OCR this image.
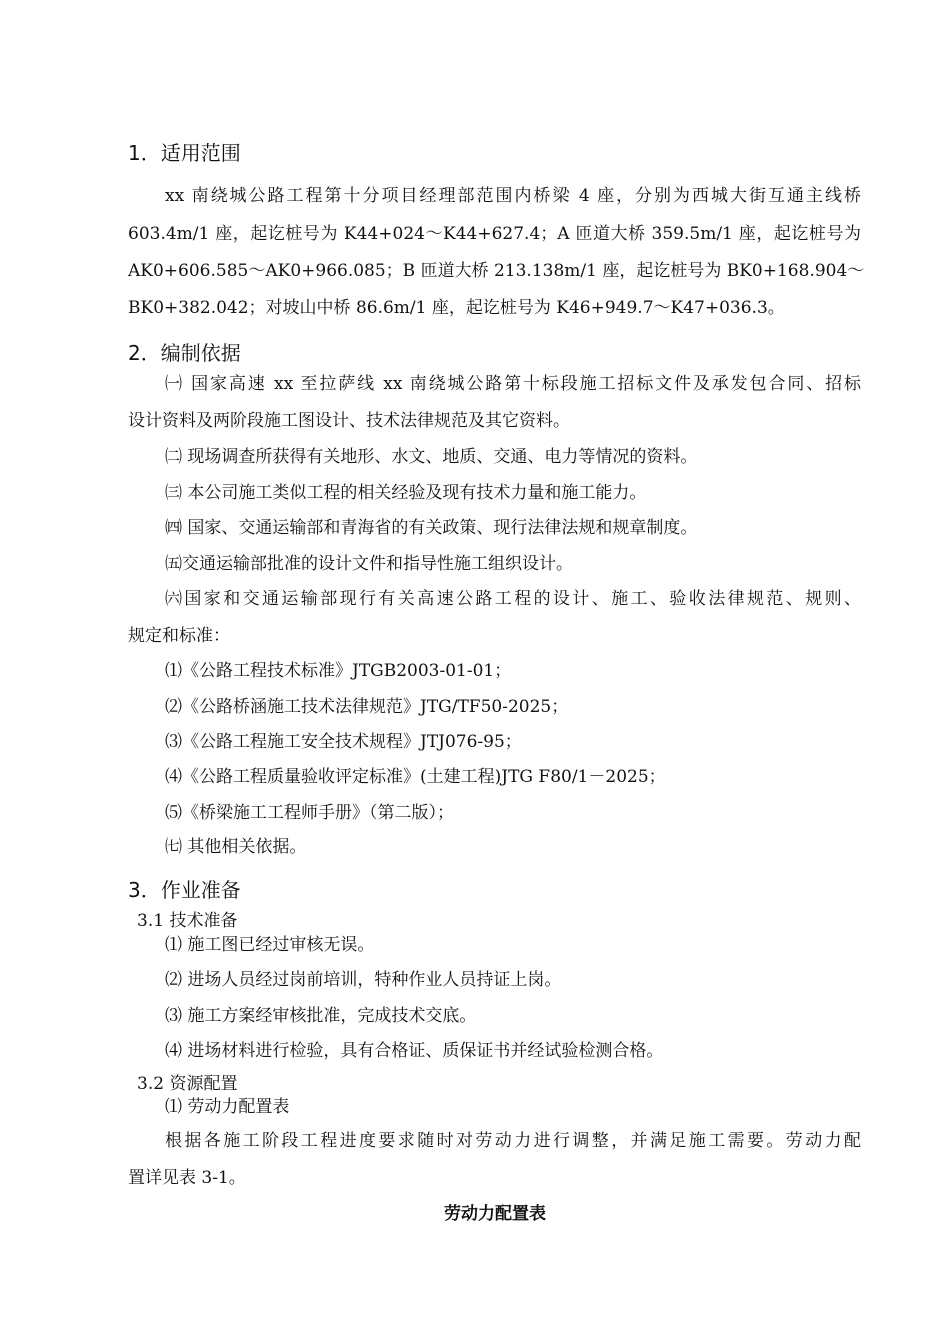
1．适用范围
xx 南绕城公路工程第十分项目经理部范围内桥梁 4 座，分别为西城大街互通主线桥
603.4m/1 座，起讫桩号为 K44+024～K44+627.4；A 匝道大桥 359.5m/1 座，起讫桩号为
AK0+606.585～AK0+966.085；B 匝道大桥 213.138m/1 座，起讫桩号为 BK0+168.904～
BK0+382.042；对坡山中桥 86.6m/1 座，起讫桩号为 K46+949.7～K47+036.3。
2．编制依据
㈠ 国家高速 xx 至拉萨线 xx 南绕城公路第十标段施工招标文件及承发包合同、招标
设计资料及两阶段施工图设计、技术法律规范及其它资料。
㈡ 现场调查所获得有关地形、水文、地质、交通、电力等情况的资料。
㈢ 本公司施工类似工程的相关经验及现有技术力量和施工能力。
㈣ 国家、交通运输部和青海省的有关政策、现行法律法规和规章制度。
㈤交通运输部批准的设计文件和指导性施工组织设计。
㈥国家和交通运输部现行有关高速公路工程的设计、施工、验收法律规范、规则、
规定和标准：
⑴《公路工程技术标准》JTGB2003-01-01；
⑵《公路桥涵施工技术法律规范》JTG/TF50-2025；
⑶《公路工程施工安全技术规程》JTJ076-95；
⑷《公路工程质量验收评定标准》(土建工程)JTG F80/1－2025；
⑸《桥梁施工工程师手册》（第二版）；
㈦ 其他相关依据。
3．作业准备
3.1 技术准备
⑴ 施工图已经过审核无误。
⑵ 进场人员经过岗前培训，特种作业人员持证上岗。
⑶ 施工方案经审核批准，完成技术交底。
⑷ 进场材料进行检验，具有合格证、质保证书并经试验检测合格。
3.2 资源配置
⑴ 劳动力配置表
根据各施工阶段工程进度要求随时对劳动力进行调整，并满足施工需要。劳动力配
置详见表 3-1。
劳动力配置表
